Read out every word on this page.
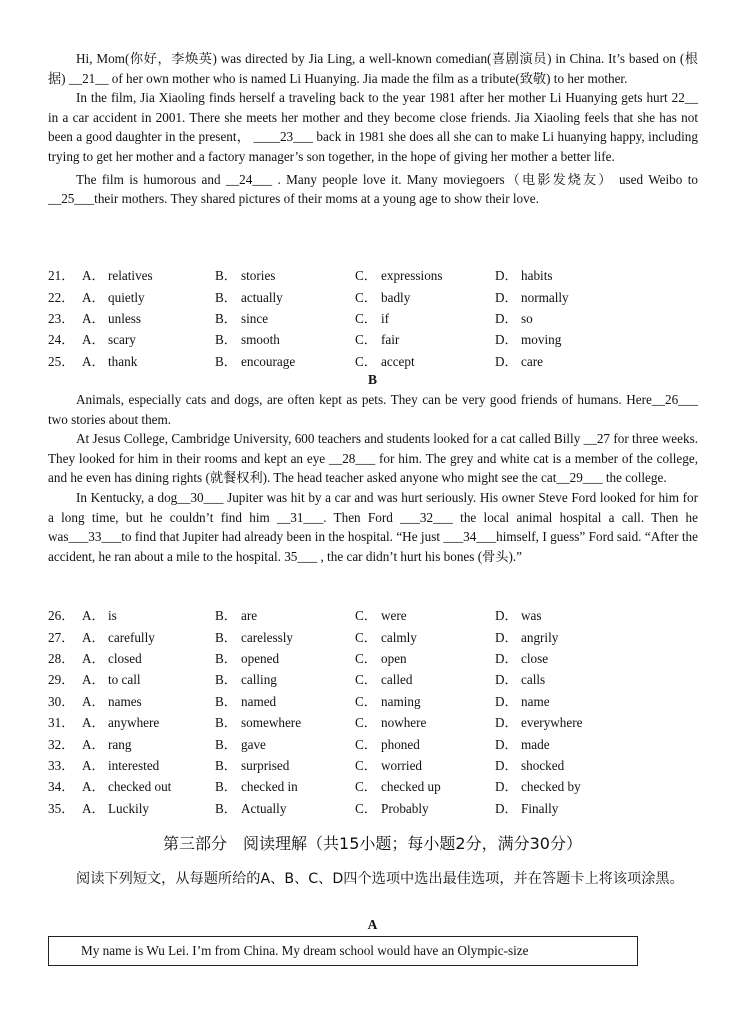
Hi, Mom(你好，李焕英) was directed by Jia Ling, a well-known comedian(喜剧演员) in China. It’s based on (根据) __21__ of her own mother who is named Li Huanying. Jia made the film as a tribute(致敬) to her mother.

In the film, Jia Xiaoling finds herself a traveling back to the year 1981 after her mother Li Huanying gets hurt 22__ in a car accident in 2001. There she meets her mother and they become close friends. Jia Xiaoling feels that she has not been a good daughter in the present， ____23___ back in 1981 she does all she can to make Li huanying happy, including trying to get her mother and a factory manager’s son together, in the hope of giving her mother a better life.

The film is humorous and __24___ . Many people love it. Many moviegoers（电影发烧友） used Weibo to __25___their mothers. They shared pictures of their moms at a young age to show their love.

21．	A． relatives	B． stories	C． expressions	D． habits
22．	A． quietly	B． actually	C． badly	D． normally
23．	A． unless	B． since	C． if	D． so
24．	A． scary	B． smooth	C． fair	D． moving
25．	A． thank	B． encourage	C． accept	D． care
B

Animals, especially cats and dogs, are often kept as pets. They can be very good friends of humans. Here__26___ two stories about them.

At Jesus College, Cambridge University, 600 teachers and students looked for a cat called Billy __27 for three weeks. They looked for him in their rooms and kept an eye __28___ for him. The grey and white cat is a member of the college, and he even has dining rights (就餐权利). The head teacher asked anyone who might see the cat__29___ the college.

In Kentucky, a dog__30___ Jupiter was hit by a car and was hurt seriously. His owner Steve Ford looked for him for a long time, but he couldn’t find him __31___. Then Ford ___32___ the local animal hospital a call. Then he was___33___to find that Jupiter had already been in the hospital. “He just ___34___himself, I guess” Ford said. “After the accident, he ran about a mile to the hospital. 35___ , the car didn’t hurt his bones (骨头).”

26．	A． is	B． are	C． were	D． was
27．	A． carefully	B． carelessly	C． calmly	D． angrily
28．	A． closed	B． opened	C． open	D． close
29．	A． to call	B． calling	C． called	D． calls
30．	A． names	B． named	C． naming	D． name
31．	A． anywhere	B． somewhere	C． nowhere	D． everywhere
32．	A． rang	B． gave	C． phoned	D． made
33．	A． interested	B． surprised	C． worried	D． shocked
34．	A． checked out	B． checked in	C． checked up	D． checked by
35．	A． Luckily	B． Actually	C． Probably	D． Finally
第三部分　阅读理解（共15小题；每小题2分，满分30分）

阅读下列短文，从每题所给的A、B、C、D四个选项中选出最佳选项，并在答题卡上将该项涂黑。

A
My name is Wu Lei. I’m from China. My dream school would have an Olympic-size
